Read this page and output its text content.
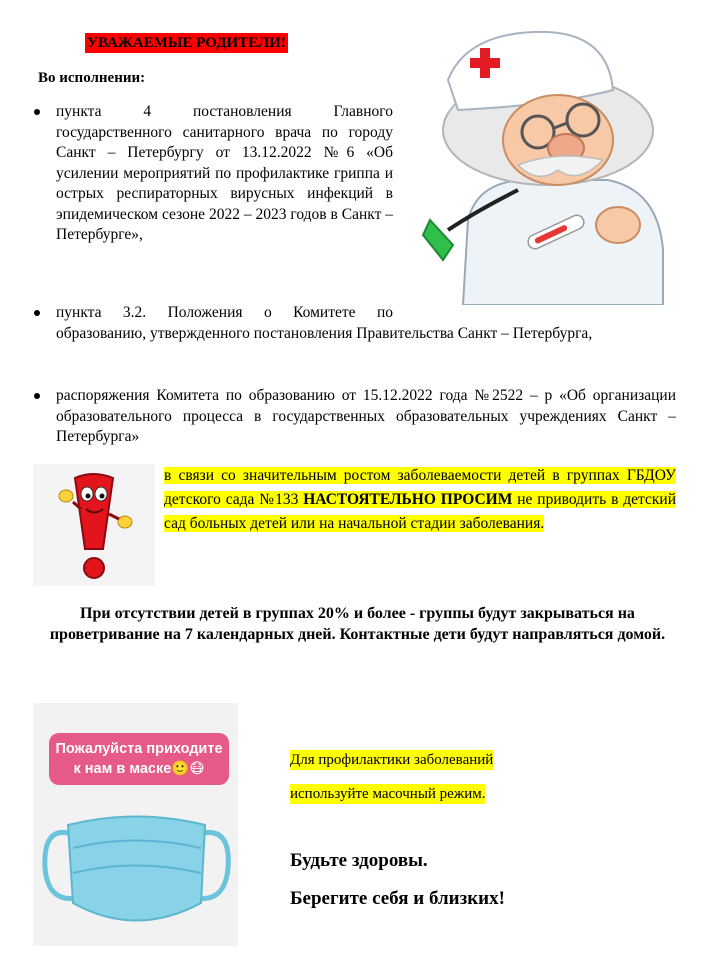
УВАЖАЕМЫЕ РОДИТЕЛИ!
Во исполнении:
пункта 4 постановления Главного государственного санитарного врача по городу Санкт – Петербургу от 13.12.2022 №6 «Об усилении мероприятий по профилактике гриппа и острых респираторных вирусных инфекций в эпидемическом сезоне 2022 – 2023 годов в Санкт – Петербурге»,
пункта 3.2. Положения о Комитете по
образованию, утвержденного постановления Правительства Санкт – Петербурга,
распоряжения Комитета по образованию от 15.12.2022 года №2522 – р «Об организации образовательного процесса в государственных образовательных учреждениях Санкт – Петербурга»
в связи со значительным ростом заболеваемости детей в группах ГБДОУ детского сада №133 НАСТОЯТЕЛЬНО ПРОСИМ не приводить в детский сад больных детей или на начальной стадии заболевания.
При отсутствии детей в группах 20% и более - группы будут закрываться на проветривание на 7 календарных дней. Контактные дети будут направляться домой.
Пожалуйста приходите к нам в маске🙂😷
Для профилактики заболеваний
используйте масочный режим.
Будьте здоровы.
Берегите себя и близких!
